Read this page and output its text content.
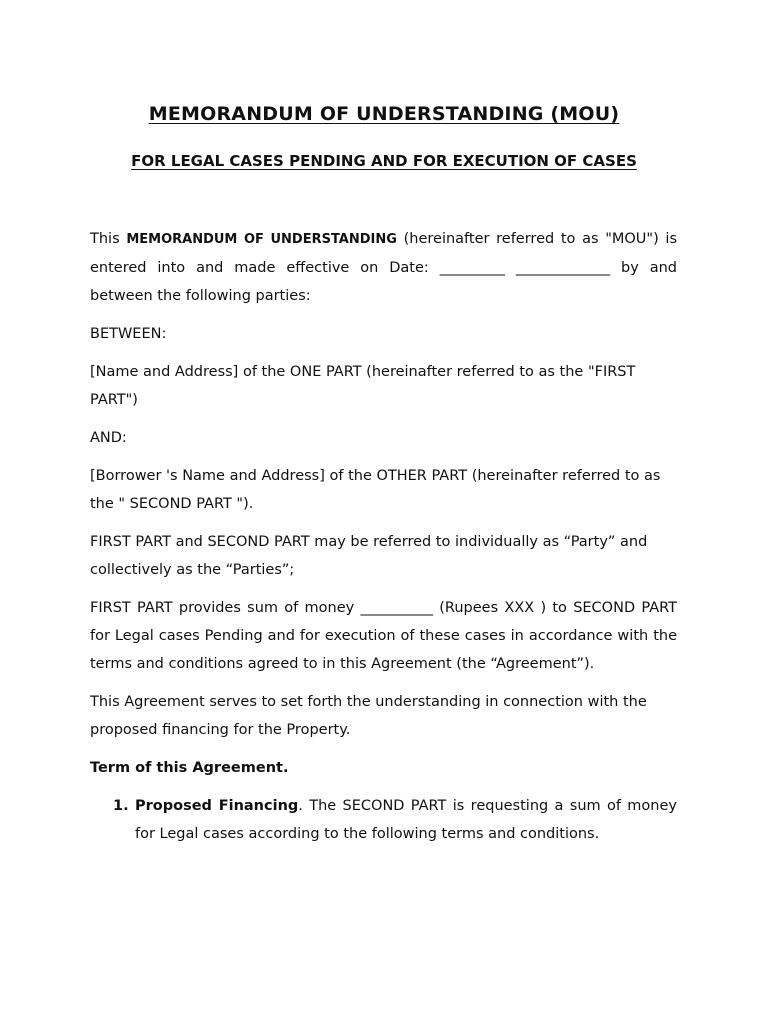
MEMORANDUM OF UNDERSTANDING (MOU)
FOR LEGAL CASES PENDING AND FOR EXECUTION OF CASES

This MEMORANDUM OF UNDERSTANDING (hereinafter referred to as "MOU") is entered into and made effective on Date: _________ _____________ by and between the following parties:

BETWEEN:

[Name and Address] of the ONE PART (hereinafter referred to as the "FIRST PART")

AND:

[Borrower 's Name and Address] of the OTHER PART (hereinafter referred to as the " SECOND PART ").

FIRST PART and SECOND PART may be referred to individually as “Party” and collectively as the “Parties”;

FIRST PART provides sum of money __________ (Rupees XXX ) to SECOND PART for Legal cases Pending and for execution of these cases in accordance with the terms and conditions agreed to in this Agreement (the “Agreement”).

This Agreement serves to set forth the understanding in connection with the proposed financing for the Property.

Term of this Agreement.

1. Proposed Financing. The SECOND PART is requesting a sum of money for Legal cases according to the following terms and conditions.
